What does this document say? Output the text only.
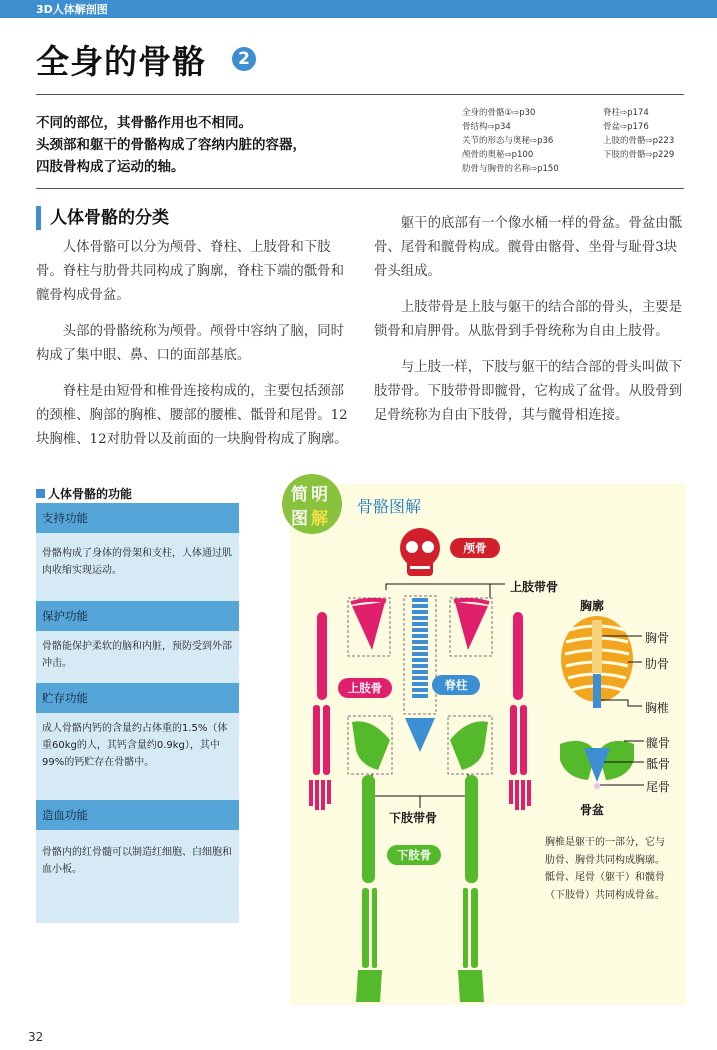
3D人体解剖图
全身的骨骼	2
不同的部位，其骨骼作用也不相同。
头颈部和躯干的骨骼构成了容纳内脏的容器，
四肢骨构成了运动的轴。
全身的骨骼①⇨p30
骨结构⇨p34
关节的形态与奥秘⇨p36
颅骨的奥秘⇨p100
肋骨与胸骨的名称⇨p150
脊柱⇨p174
骨盆⇨p176
上肢的骨骼⇨p223
下肢的骨骼⇨p229
人体骨骼的分类

人体骨骼可以分为颅骨、脊柱、上肢骨和下肢骨。脊柱与肋骨共同构成了胸廓，脊柱下端的骶骨和髋骨构成骨盆。

头部的骨骼统称为颅骨。颅骨中容纳了脑，同时构成了集中眼、鼻、口的面部基底。

脊柱是由短骨和椎骨连接构成的，主要包括颈部的颈椎、胸部的胸椎、腰部的腰椎、骶骨和尾骨。12块胸椎、12对肋骨以及前面的一块胸骨构成了胸廓。

躯干的底部有一个像水桶一样的骨盆。骨盆由骶骨、尾骨和髋骨构成。髋骨由髂骨、坐骨与耻骨3块骨头组成。

上肢带骨是上肢与躯干的结合部的骨头，主要是锁骨和肩胛骨。从肱骨到手骨统称为自由上肢骨。

与上肢一样，下肢与躯干的结合部的骨头叫做下肢带骨。下肢带骨即髋骨，它构成了盆骨。从股骨到足骨统称为自由下肢骨，其与髋骨相连接。

人体骨骼的功能
支持功能
骨骼构成了身体的骨架和支柱，人体通过肌肉收缩实现运动。
保护功能
骨骼能保护柔软的脑和内脏，预防受到外部冲击。
贮存功能
成人骨骼内钙的含量约占体重的1.5%（体重60kg的人，其钙含量约0.9kg），其中99%的钙贮存在骨骼中。
造血功能
骨骼内的红骨髓可以制造红细胞、白细胞和血小板。
简 明
图 解
骨骼图解
颅骨
上肢带骨
上肢骨	脊柱
下肢带骨
下肢骨
胸廓
胸骨
肋骨
胸椎
髋骨
骶骨
尾骨
骨盆
胸椎是躯干的一部分，它与肋骨、胸骨共同构成胸廓。骶骨、尾骨（躯干）和髋骨（下肢骨）共同构成骨盆。
32
